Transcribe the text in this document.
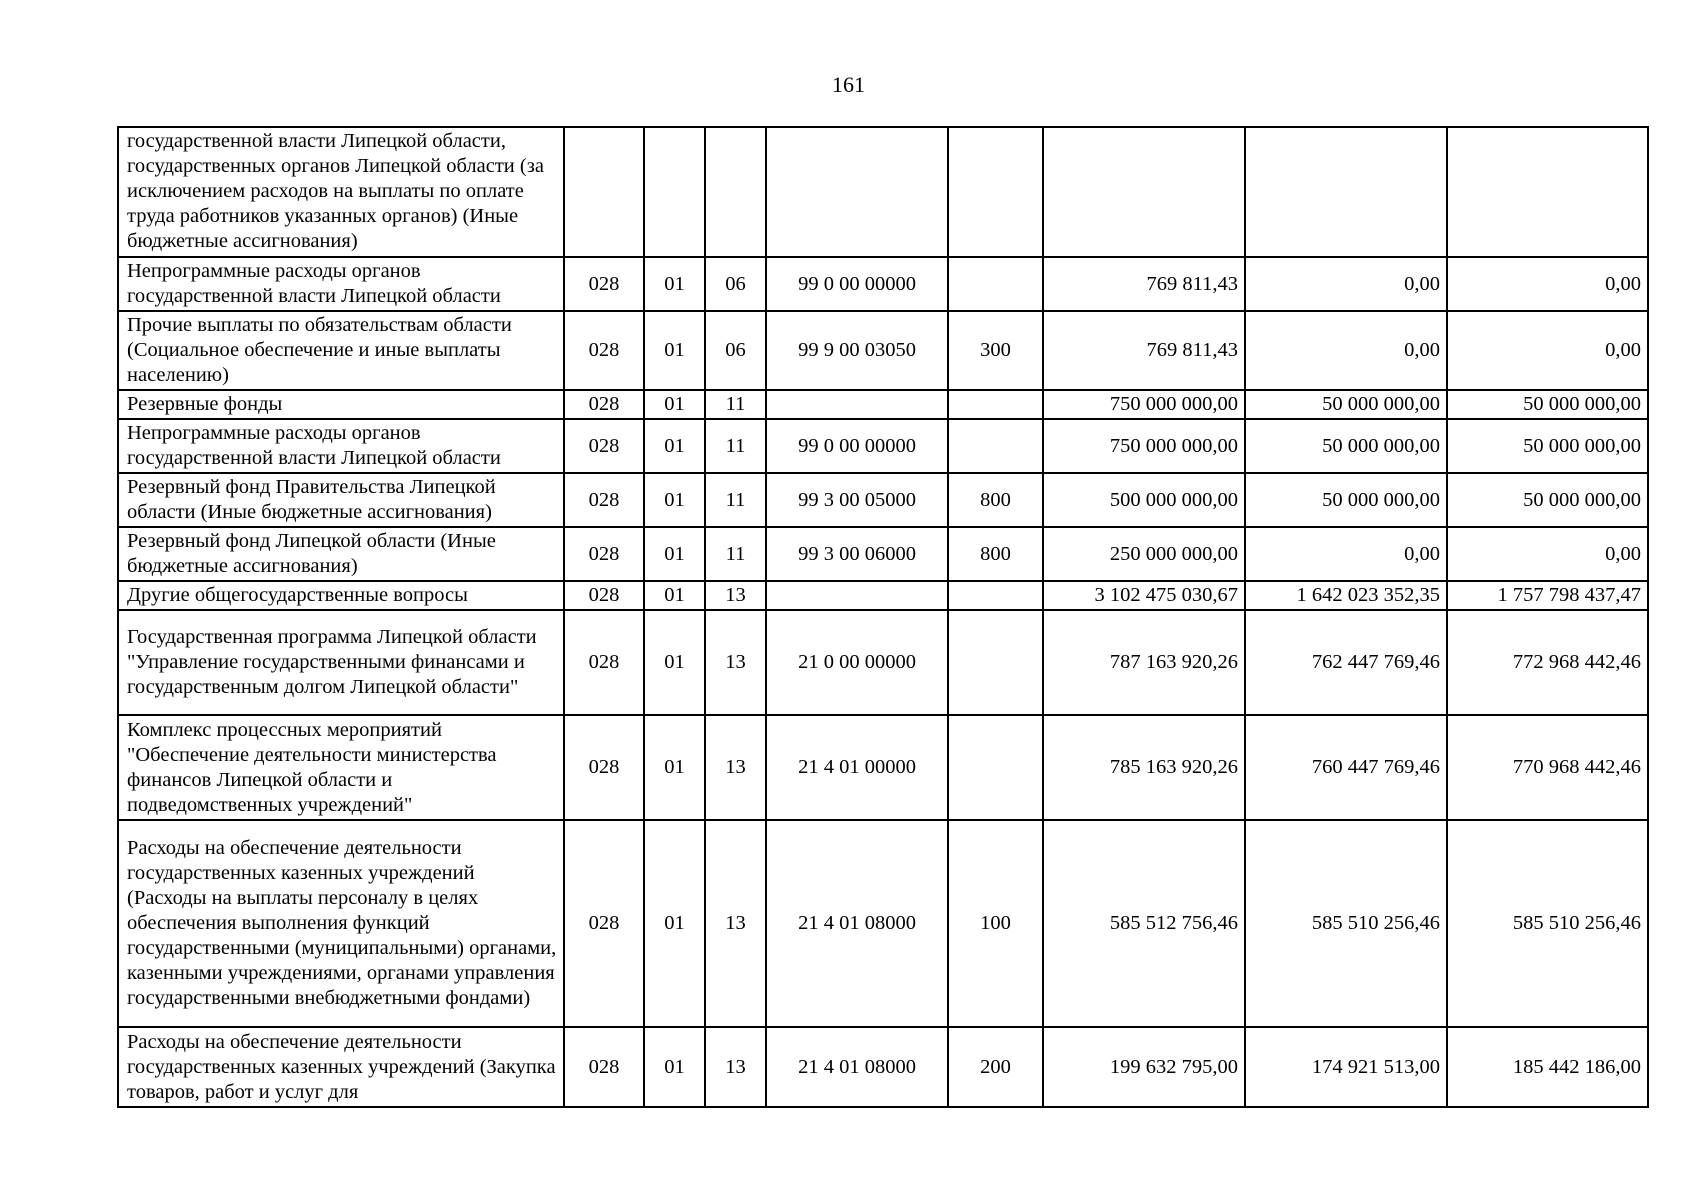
161
государственной власти Липецкой области, государственных органов Липецкой области (за исключением расходов на выплаты по оплате труда работников указанных органов) (Иные бюджетные ассигнования)								
Непрограммные расходы органов государственной власти Липецкой области	028	01	06	99 0 00 00000		769 811,43	0,00	0,00
Прочие выплаты по обязательствам области (Социальное обеспечение и иные выплаты населению)	028	01	06	99 9 00 03050	300	769 811,43	0,00	0,00
Резервные фонды	028	01	11			750 000 000,00	50 000 000,00	50 000 000,00
Непрограммные расходы органов государственной власти Липецкой области	028	01	11	99 0 00 00000		750 000 000,00	50 000 000,00	50 000 000,00
Резервный фонд Правительства Липецкой области (Иные бюджетные ассигнования)	028	01	11	99 3 00 05000	800	500 000 000,00	50 000 000,00	50 000 000,00
Резервный фонд Липецкой области (Иные бюджетные ассигнования)	028	01	11	99 3 00 06000	800	250 000 000,00	0,00	0,00
Другие общегосударственные вопросы	028	01	13			3 102 475 030,67	1 642 023 352,35	1 757 798 437,47
Государственная программа Липецкой области "Управление государственными финансами и государственным долгом Липецкой области"	028	01	13	21 0 00 00000		787 163 920,26	762 447 769,46	772 968 442,46
Комплекс процессных мероприятий "Обеспечение деятельности министерства финансов Липецкой области и подведомственных учреждений"	028	01	13	21 4 01 00000		785 163 920,26	760 447 769,46	770 968 442,46
Расходы на обеспечение деятельности государственных казенных учреждений (Расходы на выплаты персоналу в целях обеспечения выполнения функций государственными (муниципальными) органами, казенными учреждениями, органами управления государственными внебюджетными фондами)	028	01	13	21 4 01 08000	100	585 512 756,46	585 510 256,46	585 510 256,46
Расходы на обеспечение деятельности государственных казенных учреждений (Закупка товаров, работ и услуг для	028	01	13	21 4 01 08000	200	199 632 795,00	174 921 513,00	185 442 186,00
